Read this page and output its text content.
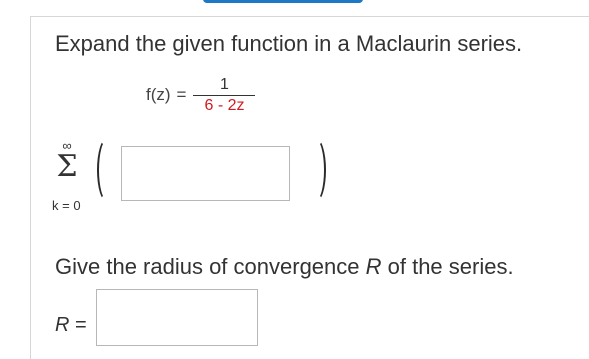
Expand the given function in a Maclaurin series.
$f(z) = \frac{1}{6 - 2z}$
∞
Σ
k = 0
Give the radius of convergence R of the series.
R =
